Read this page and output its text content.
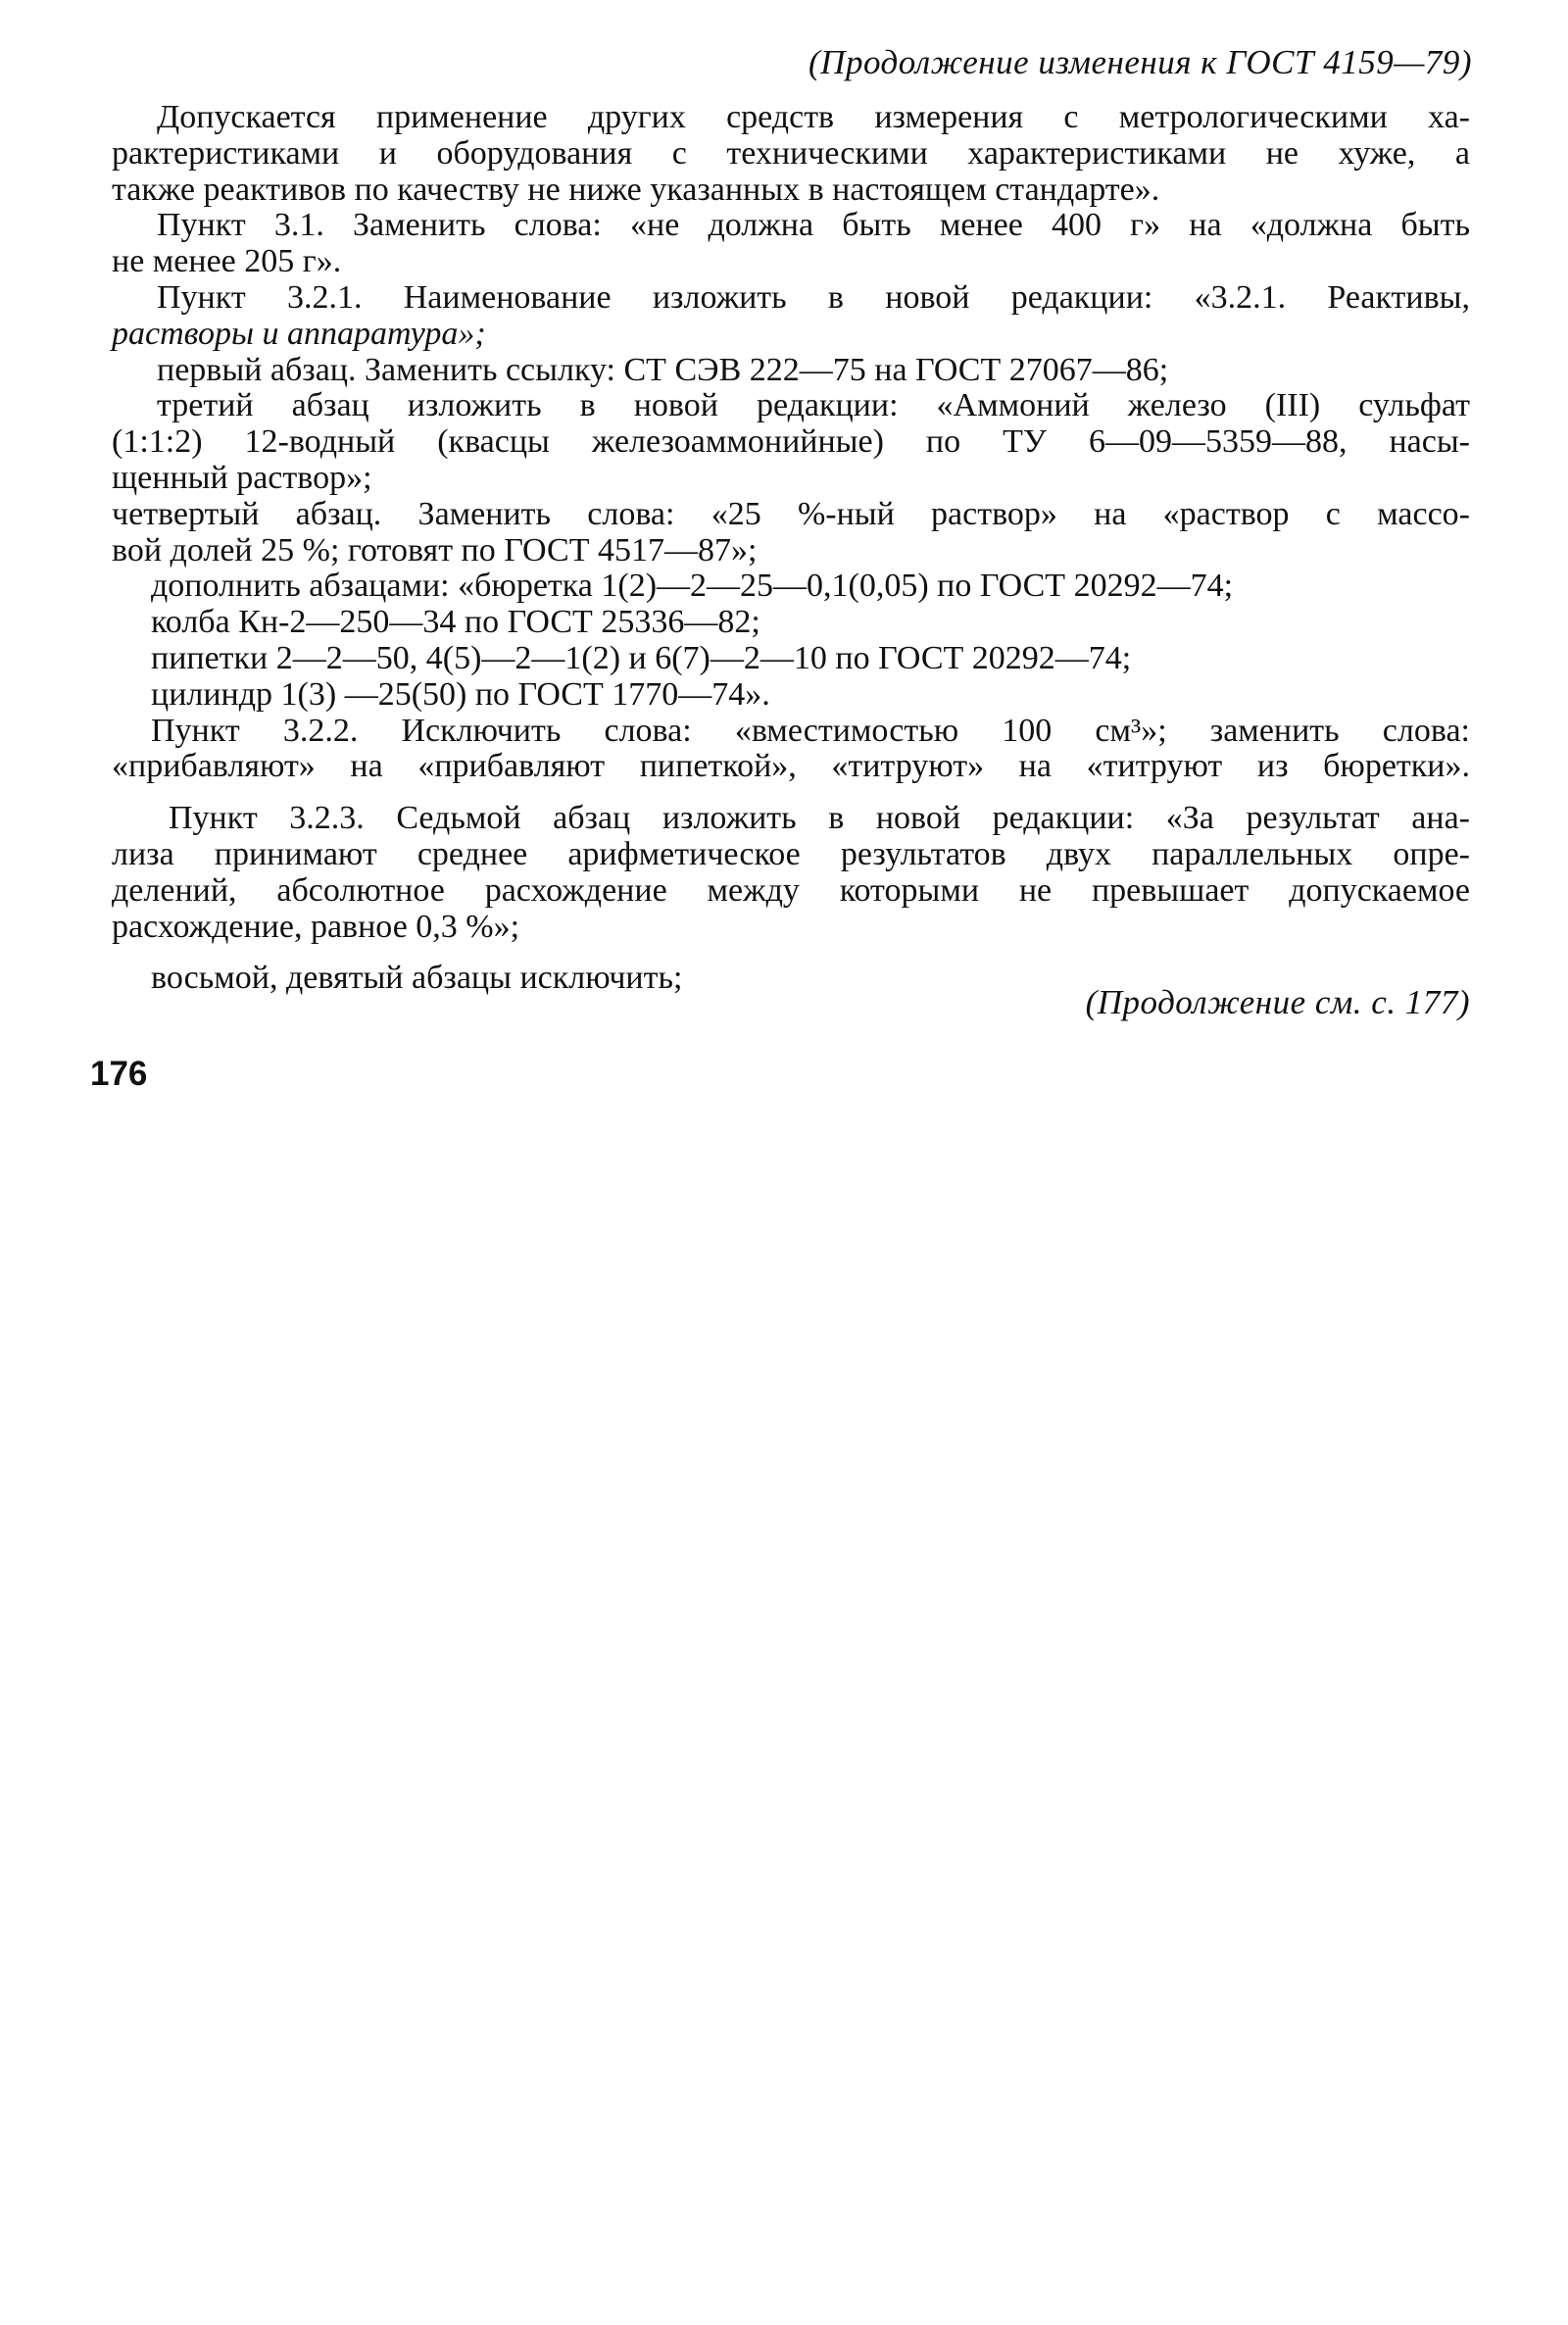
(Продолжение изменения к ГОСТ 4159—79)
Допускается применение других средств измерения с метрологическими ха-
рактеристиками и оборудования с техническими характеристиками не хуже, а
также реактивов по качеству не ниже указанных в настоящем стандарте».
Пункт 3.1. Заменить слова: «не должна быть менее 400 г» на «должна быть
не менее 205 г».
Пункт 3.2.1. Наименование изложить в новой редакции: «3.2.1. Реактивы,
растворы и аппаратура»;
первый абзац. Заменить ссылку: СТ СЭВ 222—75 на ГОСТ 27067—86;
третий абзац изложить в новой редакции: «Аммоний железо (III) сульфат
(1:1:2) 12-водный (квасцы железоаммонийные) по ТУ 6—09—5359—88, насы-
щенный раствор»;
четвертый абзац. Заменить слова: «25 %-ный раствор» на «раствор с массо-
вой долей 25 %; готовят по ГОСТ 4517—87»;
дополнить абзацами: «бюретка 1(2)—2—25—0,1(0,05) по ГОСТ 20292—74;
колба Кн-2—250—34 по ГОСТ 25336—82;
пипетки 2—2—50, 4(5)—2—1(2) и 6(7)—2—10 по ГОСТ 20292—74;
цилиндр 1(3) —25(50) по ГОСТ 1770—74».
Пункт 3.2.2. Исключить слова: «вместимостью 100 см³»; заменить слова:
«прибавляют» на «прибавляют пипеткой», «титруют» на «титруют из бюретки».
Пункт 3.2.3. Седьмой абзац изложить в новой редакции: «За результат ана-
лиза принимают среднее арифметическое результатов двух параллельных опре-
делений, абсолютное расхождение между которыми не превышает допускаемое
расхождение, равное 0,3 %»;
восьмой, девятый абзацы исключить;
(Продолжение см. с. 177)
176
